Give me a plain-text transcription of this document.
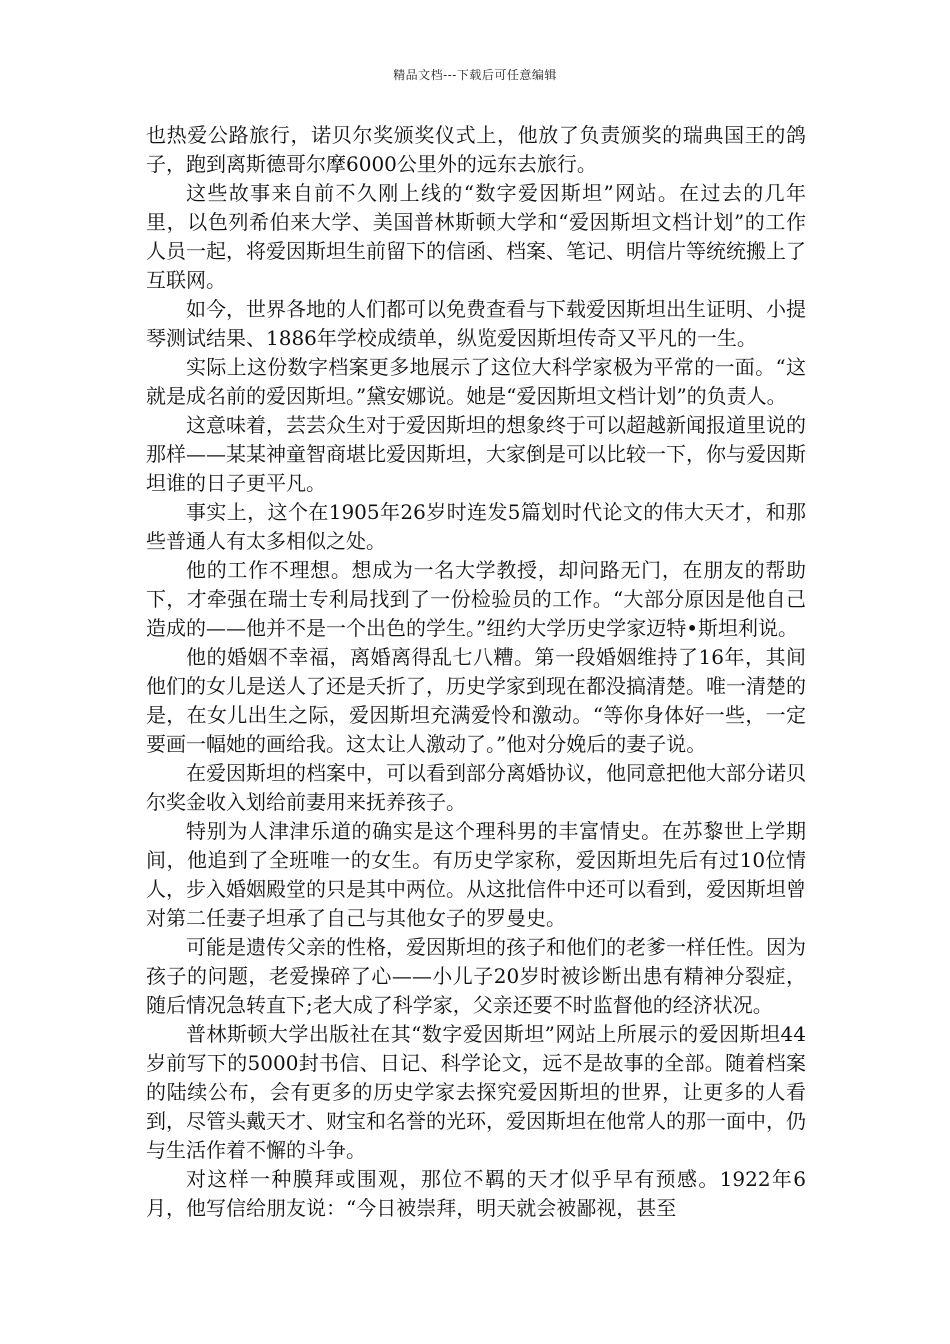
精品文档---下载后可任意编辑

也热爱公路旅行，诺贝尔奖颁奖仪式上，他放了负责颁奖的瑞典国王的鸽子，跑到离斯德哥尔摩6000公里外的远东去旅行。

这些故事来自前不久刚上线的“数字爱因斯坦”网站。在过去的几年里，以色列希伯来大学、美国普林斯顿大学和“爱因斯坦文档计划”的工作人员一起，将爱因斯坦生前留下的信函、档案、笔记、明信片等统统搬上了互联网。

如今，世界各地的人们都可以免费查看与下载爱因斯坦出生证明、小提琴测试结果、1886年学校成绩单，纵览爱因斯坦传奇又平凡的一生。

实际上这份数字档案更多地展示了这位大科学家极为平常的一面。“这就是成名前的爱因斯坦。”黛安娜说。她是“爱因斯坦文档计划”的负责人。

这意味着，芸芸众生对于爱因斯坦的想象终于可以超越新闻报道里说的那样——某某神童智商堪比爱因斯坦，大家倒是可以比较一下，你与爱因斯坦谁的日子更平凡。

事实上，这个在1905年26岁时连发5篇划时代论文的伟大天才，和那些普通人有太多相似之处。

他的工作不理想。想成为一名大学教授，却问路无门，在朋友的帮助下，才牵强在瑞士专利局找到了一份检验员的工作。“大部分原因是他自己造成的——他并不是一个出色的学生。”纽约大学历史学家迈特•斯坦利说。

他的婚姻不幸福，离婚离得乱七八糟。第一段婚姻维持了16年，其间他们的女儿是送人了还是夭折了，历史学家到现在都没搞清楚。唯一清楚的是，在女儿出生之际，爱因斯坦充满爱怜和激动。“等你身体好一些，一定要画一幅她的画给我。这太让人激动了。”他对分娩后的妻子说。

在爱因斯坦的档案中，可以看到部分离婚协议，他同意把他大部分诺贝尔奖金收入划给前妻用来抚养孩子。

特别为人津津乐道的确实是这个理科男的丰富情史。在苏黎世上学期间，他追到了全班唯一的女生。有历史学家称，爱因斯坦先后有过10位情人，步入婚姻殿堂的只是其中两位。从这批信件中还可以看到，爱因斯坦曾对第二任妻子坦承了自己与其他女子的罗曼史。

可能是遗传父亲的性格，爱因斯坦的孩子和他们的老爹一样任性。因为孩子的问题，老爱操碎了心——小儿子20岁时被诊断出患有精神分裂症，随后情况急转直下;老大成了科学家，父亲还要不时监督他的经济状况。

普林斯顿大学出版社在其“数字爱因斯坦”网站上所展示的爱因斯坦44岁前写下的5000封书信、日记、科学论文，远不是故事的全部。随着档案的陆续公布，会有更多的历史学家去探究爱因斯坦的世界，让更多的人看到，尽管头戴天才、财宝和名誉的光环，爱因斯坦在他常人的那一面中，仍与生活作着不懈的斗争。

对这样一种膜拜或围观，那位不羁的天才似乎早有预感。1922年6月，他写信给朋友说：“今日被崇拜，明天就会被鄙视，甚至
